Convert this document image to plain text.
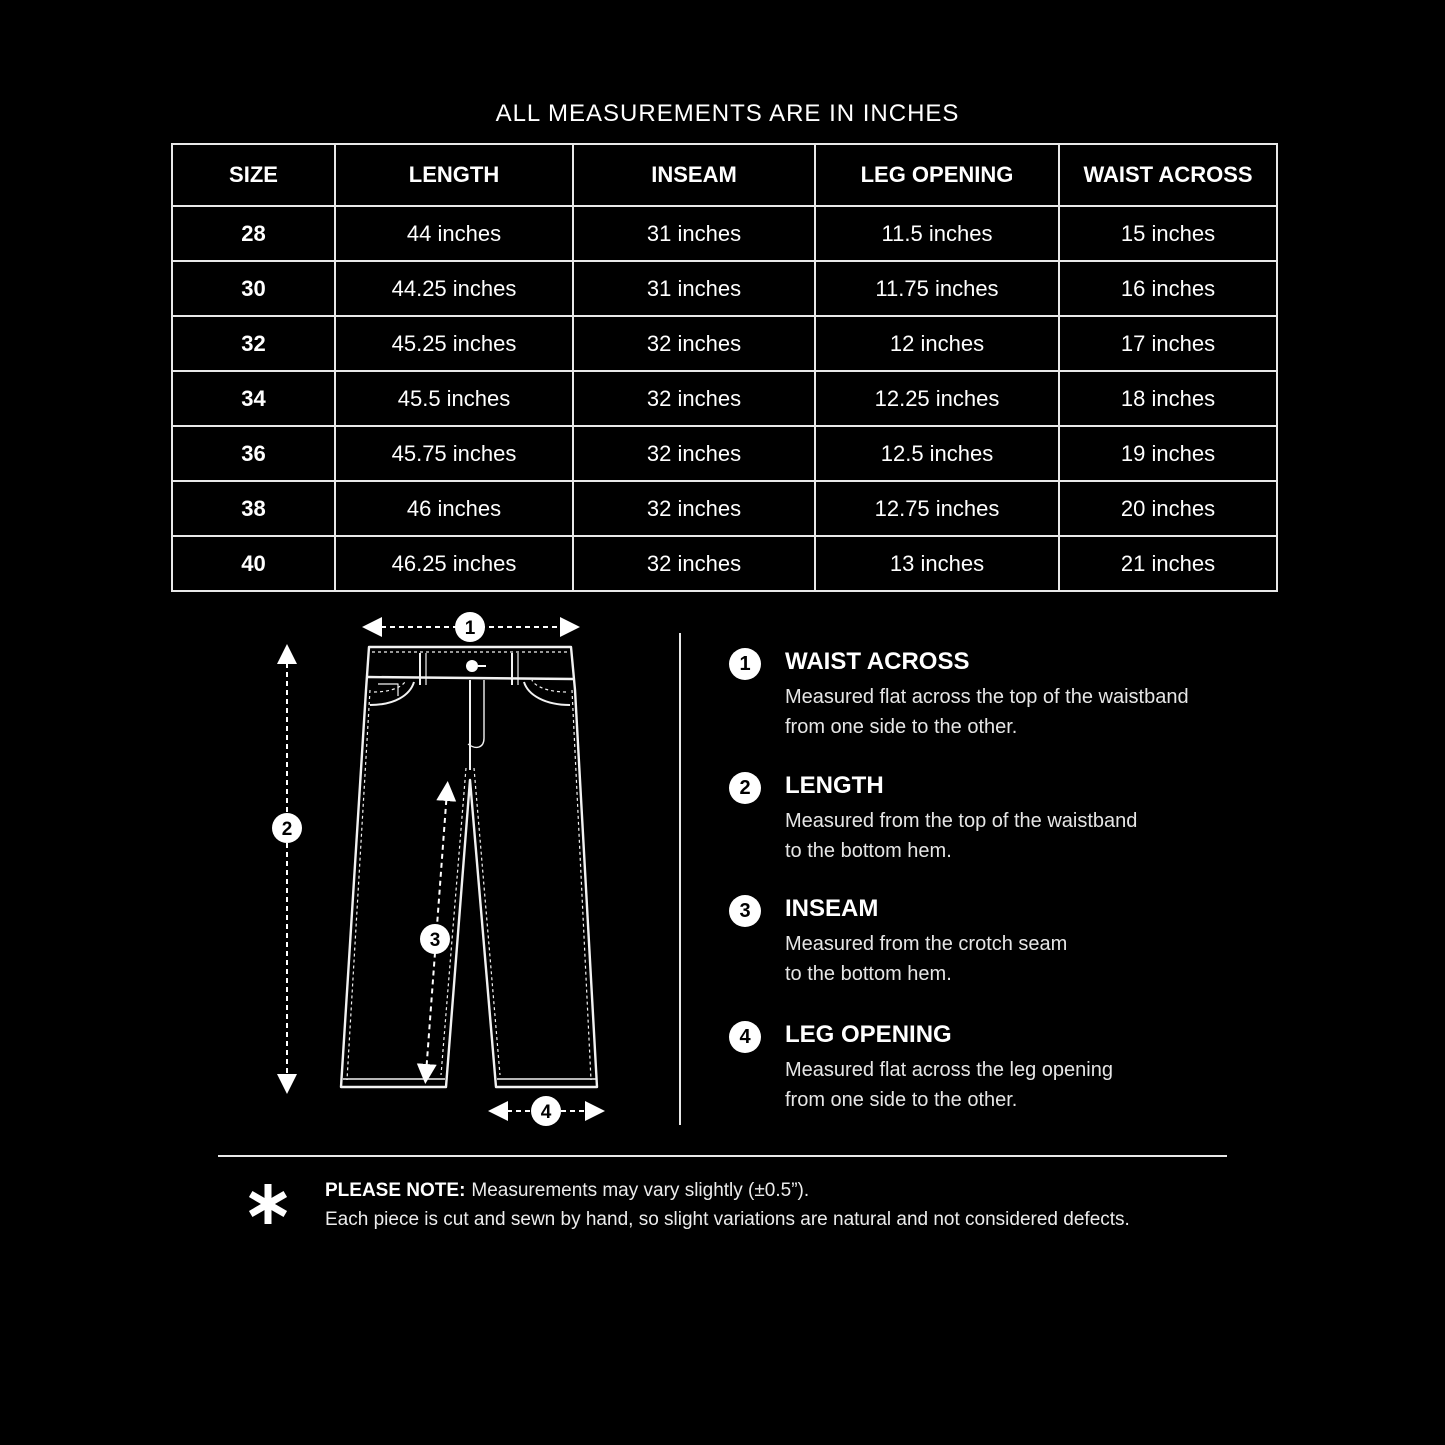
ALL MEASUREMENTS ARE IN INCHES
SIZE	LENGTH	INSEAM	LEG OPENING	WAIST ACROSS
28	44 inches	31 inches	11.5 inches	15 inches
30	44.25 inches	31 inches	11.75 inches	16 inches
32	45.25 inches	32 inches	12 inches	17 inches
34	45.5 inches	32 inches	12.25 inches	18 inches
36	45.75 inches	32 inches	12.5 inches	19 inches
38	46 inches	32 inches	12.75 inches	20 inches
40	46.25 inches	32 inches	13 inches	21 inches
1
2
3
4
1	WAIST ACROSS
Measured flat across the top of the waistband
from one side to the other.
2	LENGTH
Measured from the top of the waistband
to the bottom hem.
3	INSEAM
Measured from the crotch seam
to the bottom hem.
4	LEG OPENING
Measured flat across the leg opening
from one side to the other.
PLEASE NOTE: Measurements may vary slightly (±0.5”).
Each piece is cut and sewn by hand, so slight variations are natural and not considered defects.
